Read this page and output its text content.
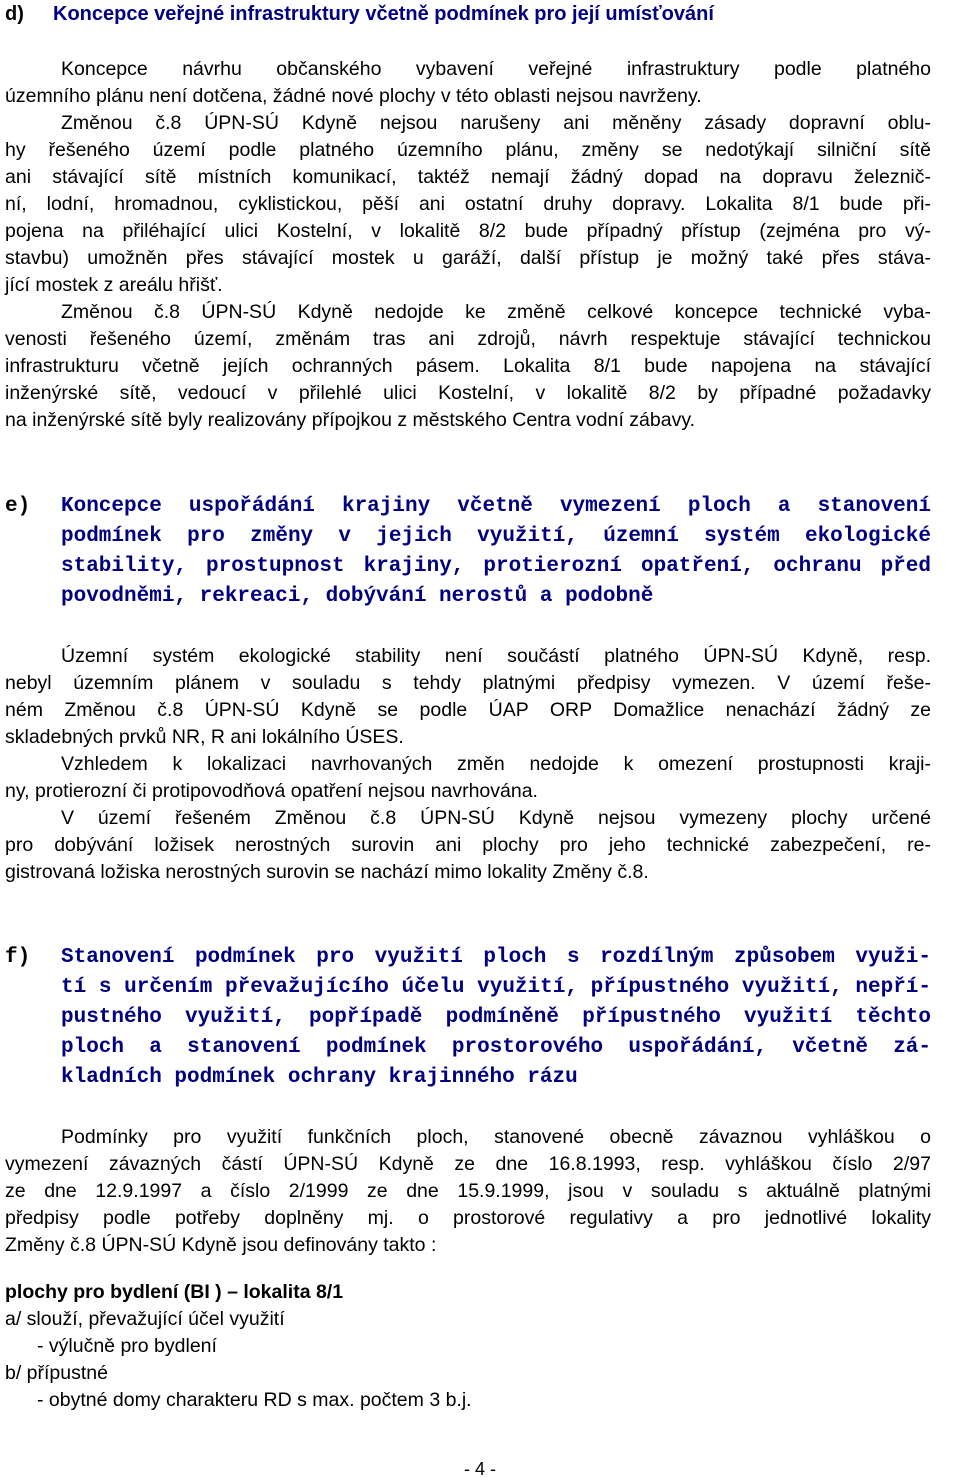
d) Koncepce veřejné infrastruktury včetně podmínek pro její umísťování
Koncepce návrhu občanského vybavení veřejné infrastruktury podle platného
územního plánu není dotčena, žádné nové plochy v této oblasti nejsou navrženy.
Změnou č.8 ÚPN-SÚ Kdyně nejsou narušeny ani měněny zásady dopravní oblu-
hy řešeného území podle platného územního plánu, změny se nedotýkají silniční sítě
ani stávající sítě místních komunikací, taktéž nemají žádný dopad na dopravu železnič-
ní, lodní, hromadnou, cyklistickou, pěší ani ostatní druhy dopravy. Lokalita 8/1 bude při-
pojena na přiléhající ulici Kostelní, v lokalitě 8/2 bude případný přístup (zejména pro vý-
stavbu) umožněn přes stávající mostek u garáží, další přístup je možný také přes stáva-
jící mostek z areálu hřišť.
Změnou č.8 ÚPN-SÚ Kdyně nedojde ke změně celkové koncepce technické vyba-
venosti řešeného území, změnám tras ani zdrojů, návrh respektuje stávající technickou
infrastrukturu včetně jejích ochranných pásem. Lokalita 8/1 bude napojena na stávající
inženýrské sítě, vedoucí v přilehlé ulici Kostelní, v lokalitě 8/2 by případné požadavky
na inženýrské sítě byly realizovány přípojkou z městského Centra vodní zábavy.
e) Koncepce uspořádání krajiny včetně vymezení ploch a stanovení
podmínek pro změny v jejich využití, územní systém ekologické
stability, prostupnost krajiny, protierozní opatření, ochranu před
povodněmi, rekreaci, dobývání nerostů a podobně
Územní systém ekologické stability není součástí platného ÚPN-SÚ Kdyně, resp.
nebyl územním plánem v souladu s tehdy platnými předpisy vymezen. V území řeše-
ném Změnou č.8 ÚPN-SÚ Kdyně se podle ÚAP ORP Domažlice nenachází žádný ze
skladebných prvků NR, R ani lokálního ÚSES.
Vzhledem k lokalizaci navrhovaných změn nedojde k omezení prostupnosti kraji-
ny, protierozní či protipovodňová opatření nejsou navrhována.
V území řešeném Změnou č.8 ÚPN-SÚ Kdyně nejsou vymezeny plochy určené
pro dobývání ložisek nerostných surovin ani plochy pro jeho technické zabezpečení, re-
gistrovaná ložiska nerostných surovin se nachází mimo lokality Změny č.8.
f) Stanovení podmínek pro využití ploch s rozdílným způsobem využi-
tí s určením převažujícího účelu využití, přípustného využití, nepří-
pustného využití, popřípadě podmíněně přípustného využití těchto
ploch a stanovení podmínek prostorového uspořádání, včetně zá-
kladních podmínek ochrany krajinného rázu
Podmínky pro využití funkčních ploch, stanovené obecně závaznou vyhláškou o
vymezení závazných částí ÚPN-SÚ Kdyně ze dne 16.8.1993, resp. vyhláškou číslo 2/97
ze dne 12.9.1997 a číslo 2/1999 ze dne 15.9.1999, jsou v souladu s aktuálně platnými
předpisy podle potřeby doplněny mj. o prostorové regulativy a pro jednotlivé lokality
Změny č.8 ÚPN-SÚ Kdyně jsou definovány takto :
plochy pro bydlení (BI ) – lokalita 8/1
a/ slouží, převažující účel využití
- výlučně pro bydlení
b/ přípustné
- obytné domy charakteru RD s max. počtem 3 b.j.
- 4 -
